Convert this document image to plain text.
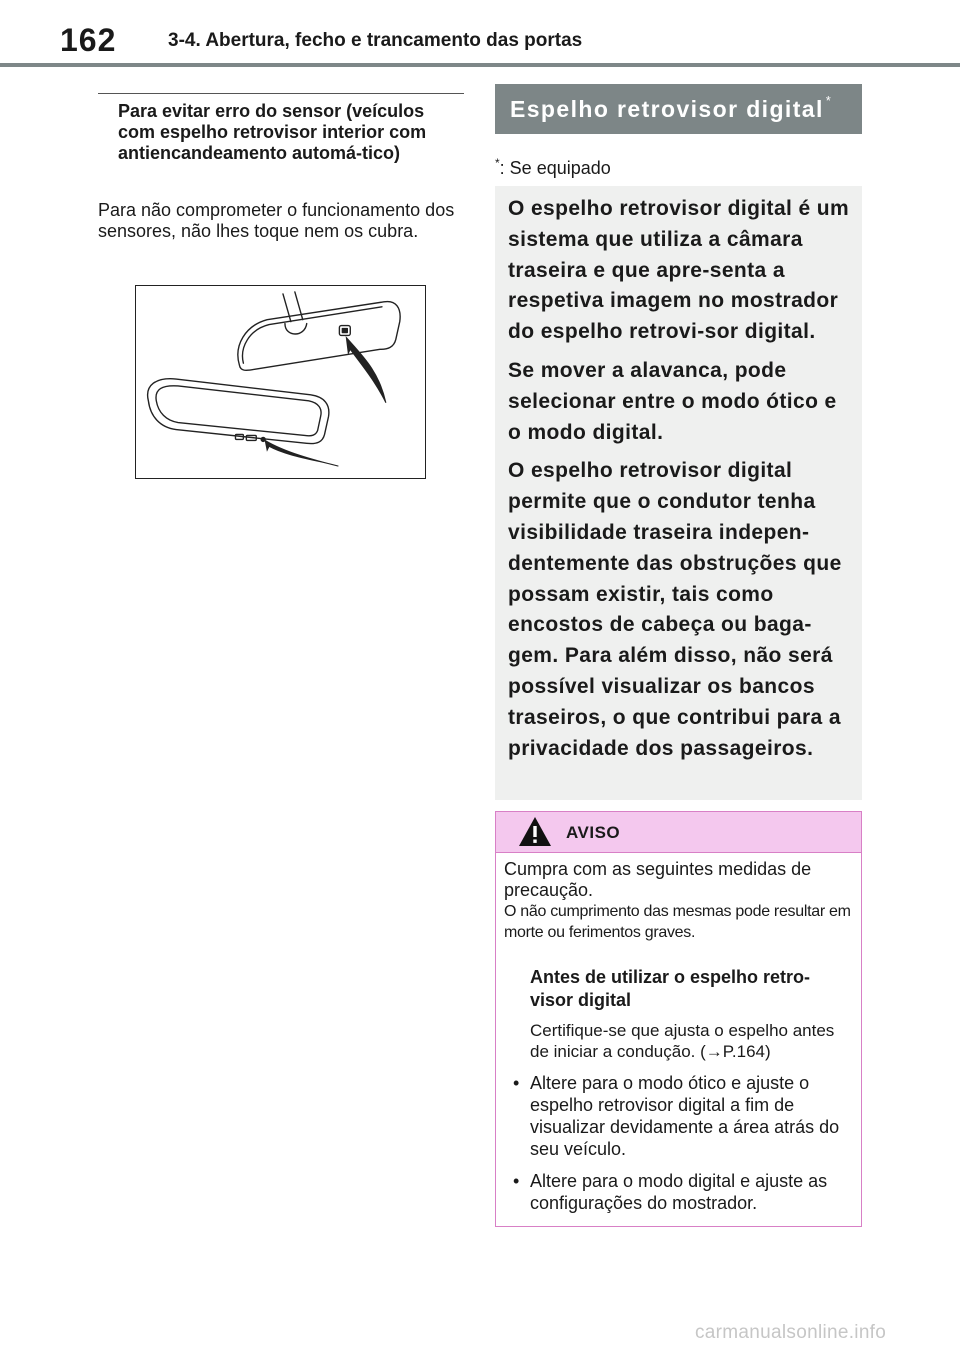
162	3-4. Abertura, fecho e trancamento das portas
Para evitar erro do sensor (veículos com espelho retrovisor interior com antiencandeamento automá-tico)
Para não comprometer o funcionamento dos sensores, não lhes toque nem os cubra.
Espelho retrovisor digital *
*: Se equipado

O espelho retrovisor digital é um sistema que utiliza a câmara traseira e que apre-senta a respetiva imagem no mostrador do espelho retrovi-sor digital.

Se mover a alavanca, pode selecionar entre o modo ótico e o modo digital.

O espelho retrovisor digital permite que o condutor tenha visibilidade traseira indepen-dentemente das obstruções que possam existir, tais como encostos de cabeça ou baga-gem. Para além disso, não será possível visualizar os bancos traseiros, o que contribui para a privacidade dos passageiros.

AVISO
Cumpra com as seguintes medidas de precaução.
O não cumprimento das mesmas pode resultar em morte ou ferimentos graves.
Antes de utilizar o espelho retro-visor digital
Certifique-se que ajusta o espelho antes de iniciar a condução. (→P.164)
• Altere para o modo ótico e ajuste o espelho retrovisor digital a fim de visualizar devidamente a área atrás do seu veículo.
• Altere para o modo digital e ajuste as configurações do mostrador.
carmanualsonline.info
